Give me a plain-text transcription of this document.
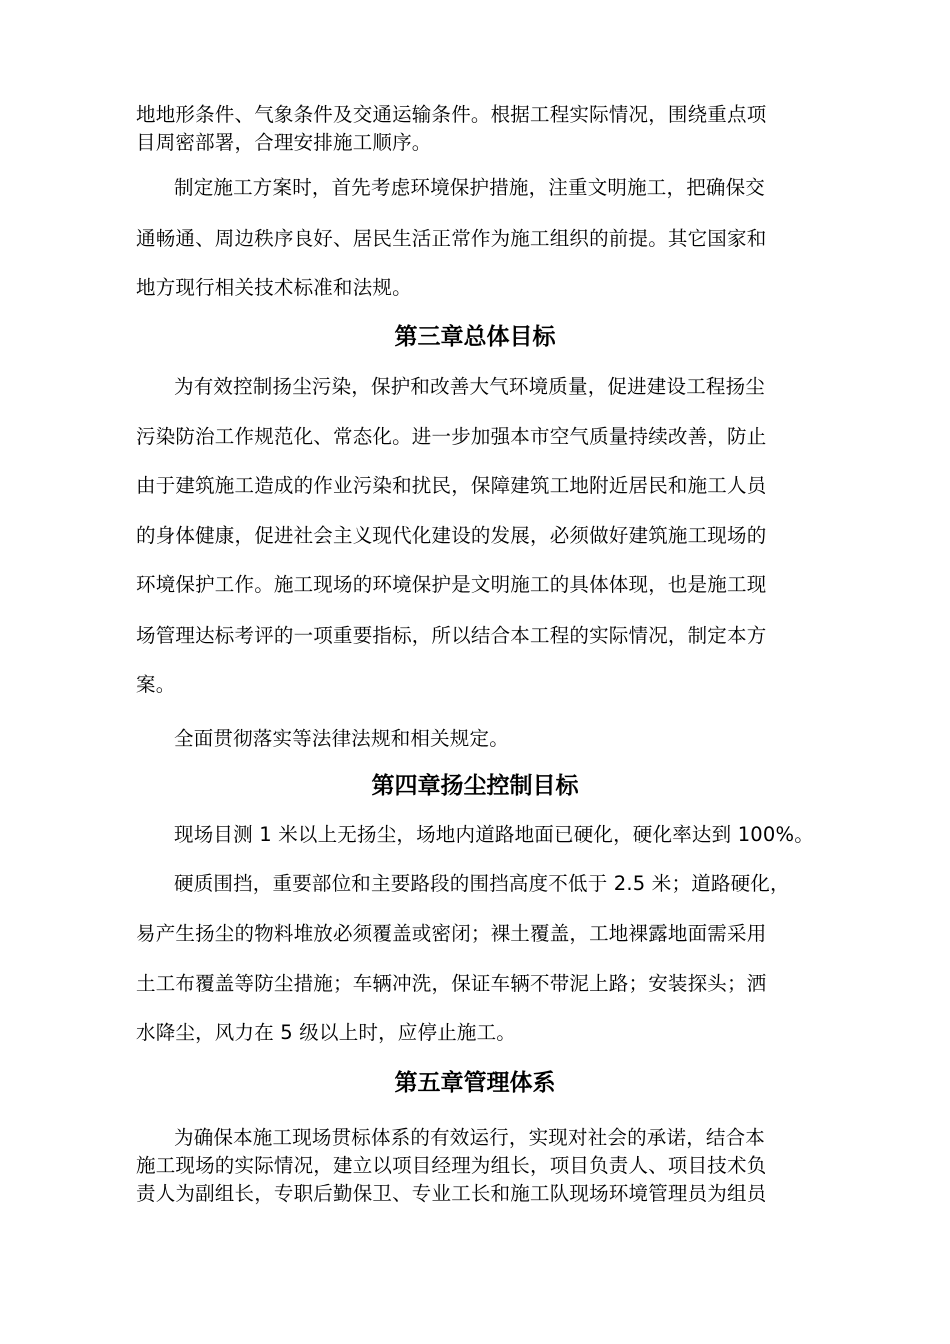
地地形条件、气象条件及交通运输条件。根据工程实际情况，围绕重点项

目周密部署，合理安排施工顺序。

制定施工方案时，首先考虑环境保护措施，注重文明施工，把确保交

通畅通、周边秩序良好、居民生活正常作为施工组织的前提。其它国家和

地方现行相关技术标准和法规。

第三章总体目标

为有效控制扬尘污染，保护和改善大气环境质量，促进建设工程扬尘

污染防治工作规范化、常态化。进一步加强本市空气质量持续改善，防止

由于建筑施工造成的作业污染和扰民，保障建筑工地附近居民和施工人员

的身体健康，促进社会主义现代化建设的发展，必须做好建筑施工现场的

环境保护工作。施工现场的环境保护是文明施工的具体体现，也是施工现

场管理达标考评的一项重要指标，所以结合本工程的实际情况，制定本方

案。

全面贯彻落实等法律法规和相关规定。

第四章扬尘控制目标

现场目测 1 米以上无扬尘，场地内道路地面已硬化，硬化率达到 100%。

硬质围挡，重要部位和主要路段的围挡高度不低于 2.5 米；道路硬化，

易产生扬尘的物料堆放必须覆盖或密闭；裸土覆盖，工地裸露地面需采用

土工布覆盖等防尘措施；车辆冲洗，保证车辆不带泥上路；安装探头；洒

水降尘，风力在 5 级以上时，应停止施工。

第五章管理体系

为确保本施工现场贯标体系的有效运行，实现对社会的承诺，结合本

施工现场的实际情况，建立以项目经理为组长，项目负责人、项目技术负

责人为副组长，专职后勤保卫、专业工长和施工队现场环境管理员为组员
